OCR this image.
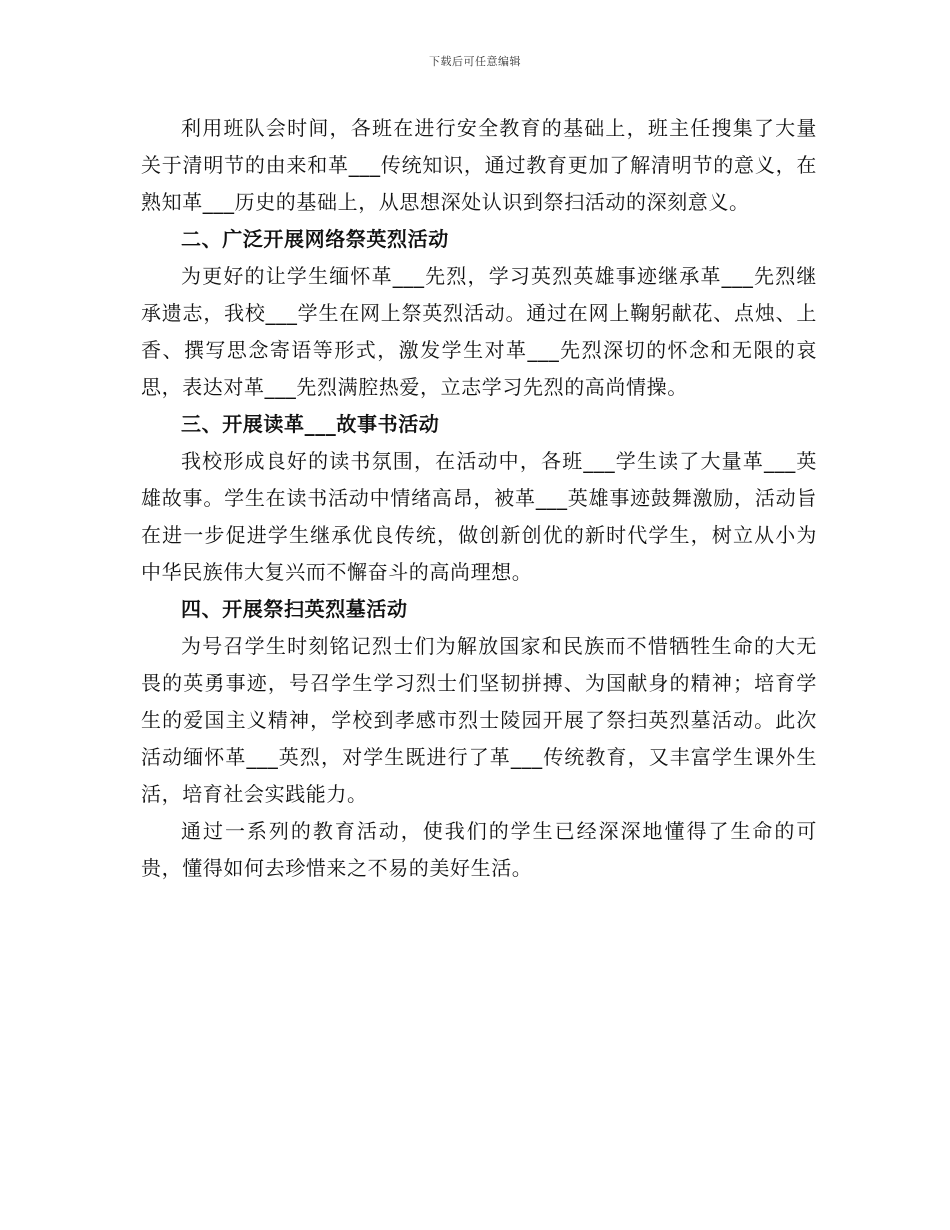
下载后可任意编辑

利用班队会时间，各班在进行安全教育的基础上，班主任搜集了大量关于清明节的由来和革___传统知识，通过教育更加了解清明节的意义，在熟知革___历史的基础上，从思想深处认识到祭扫活动的深刻意义。

二、广泛开展网络祭英烈活动

为更好的让学生缅怀革___先烈，学习英烈英雄事迹继承革___先烈继承遗志，我校___学生在网上祭英烈活动。通过在网上鞠躬献花、点烛、上香、撰写思念寄语等形式，激发学生对革___先烈深切的怀念和无限的哀思，表达对革___先烈满腔热爱，立志学习先烈的高尚情操。

三、开展读革___故事书活动

我校形成良好的读书氛围，在活动中，各班___学生读了大量革___英雄故事。学生在读书活动中情绪高昂，被革___英雄事迹鼓舞激励，活动旨在进一步促进学生继承优良传统，做创新创优的新时代学生，树立从小为中华民族伟大复兴而不懈奋斗的高尚理想。

四、开展祭扫英烈墓活动

为号召学生时刻铭记烈士们为解放国家和民族而不惜牺牲生命的大无畏的英勇事迹，号召学生学习烈士们坚韧拼搏、为国献身的精神；培育学生的爱国主义精神，学校到孝感市烈士陵园开展了祭扫英烈墓活动。此次活动缅怀革___英烈，对学生既进行了革___传统教育，又丰富学生课外生活，培育社会实践能力。

通过一系列的教育活动，使我们的学生已经深深地懂得了生命的可贵，懂得如何去珍惜来之不易的美好生活。
